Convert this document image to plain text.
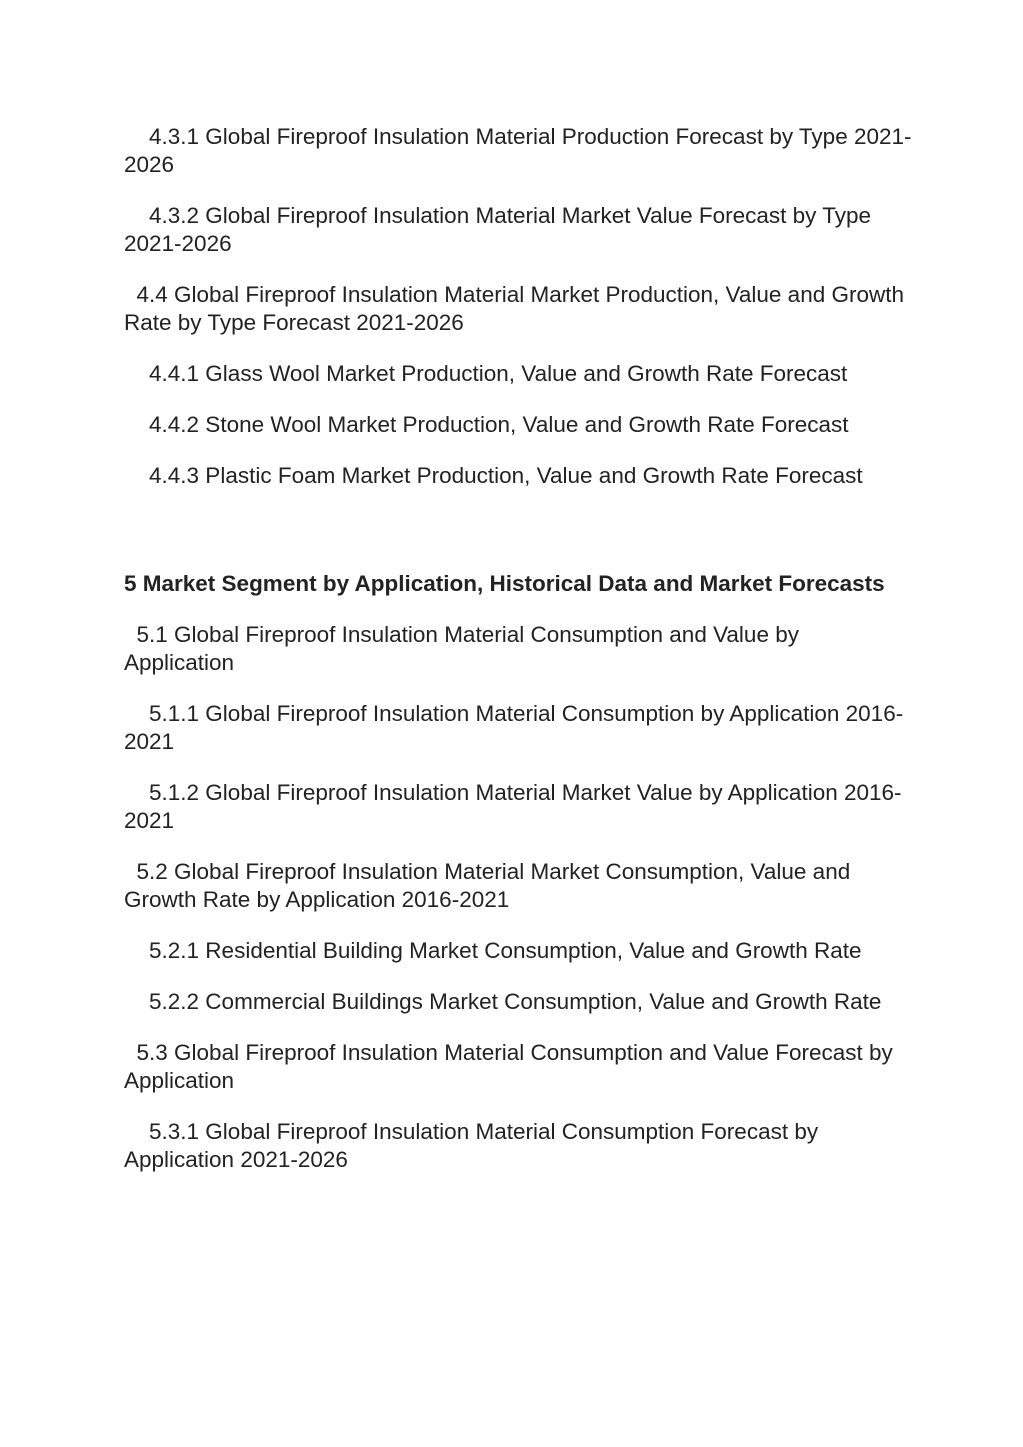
4.3.1 Global Fireproof Insulation Material Production Forecast by Type 2021-2026

4.3.2 Global Fireproof Insulation Material Market Value Forecast by Type 2021-2026

4.4 Global Fireproof Insulation Material Market Production, Value and Growth Rate by Type Forecast 2021-2026

4.4.1 Glass Wool Market Production, Value and Growth Rate Forecast

4.4.2 Stone Wool Market Production, Value and Growth Rate Forecast

4.4.3 Plastic Foam Market Production, Value and Growth Rate Forecast

5 Market Segment by Application, Historical Data and Market Forecasts

5.1 Global Fireproof Insulation Material Consumption and Value by Application

5.1.1 Global Fireproof Insulation Material Consumption by Application 2016-2021

5.1.2 Global Fireproof Insulation Material Market Value by Application 2016-2021

5.2 Global Fireproof Insulation Material Market Consumption, Value and Growth Rate by Application 2016-2021

5.2.1 Residential Building Market Consumption, Value and Growth Rate

5.2.2 Commercial Buildings Market Consumption, Value and Growth Rate

5.3 Global Fireproof Insulation Material Consumption and Value Forecast by Application

5.3.1 Global Fireproof Insulation Material Consumption Forecast by Application 2021-2026
